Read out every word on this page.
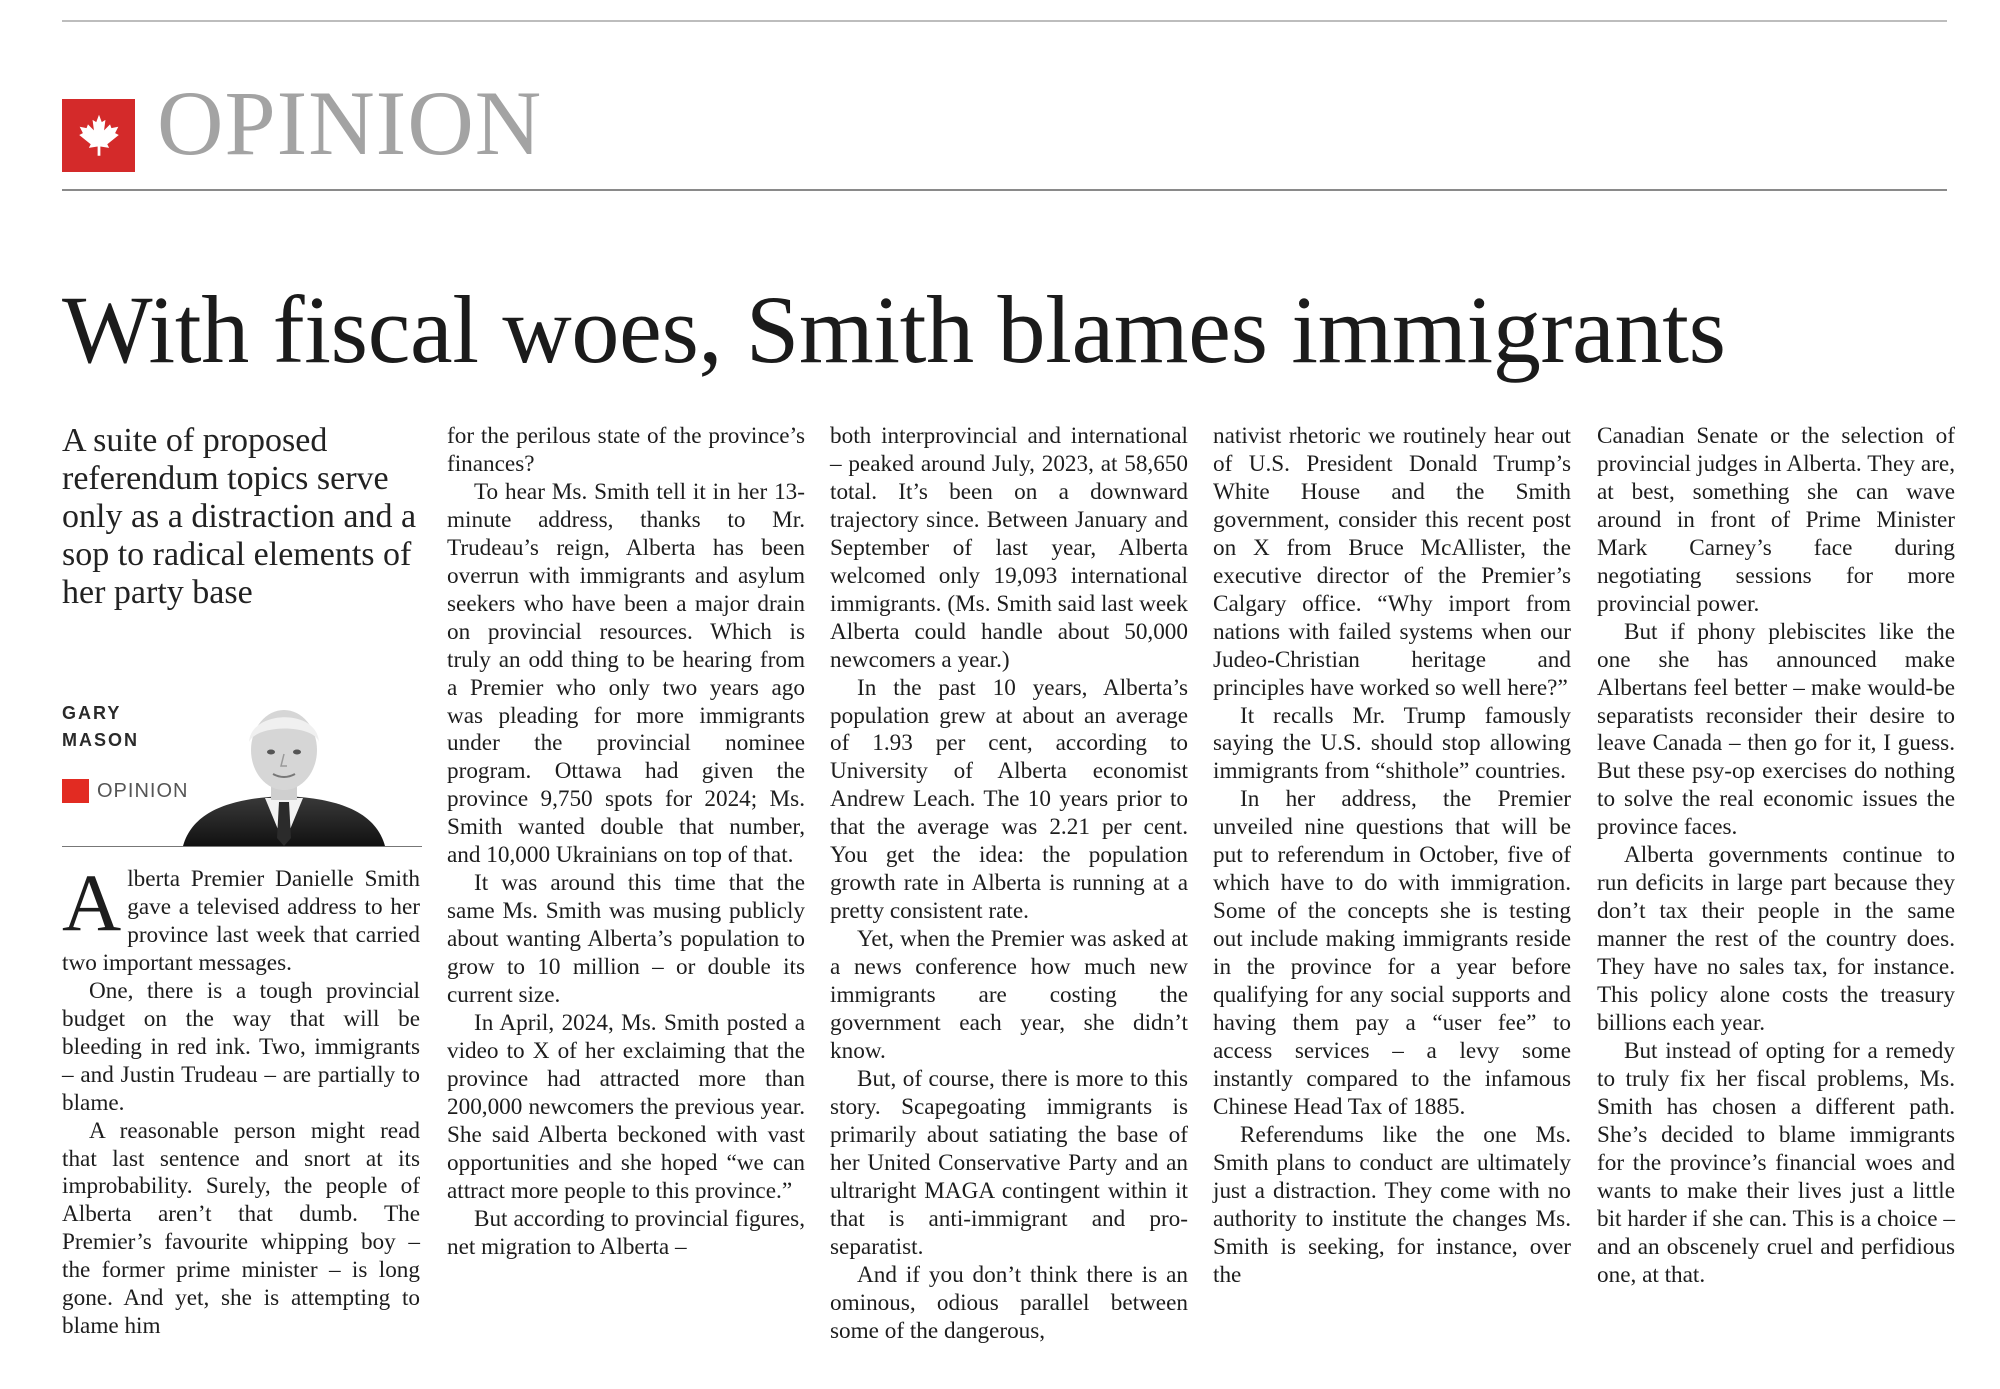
OPINION
With fiscal woes, Smith blames immigrants
A suite of proposed referendum topics serve only as a distraction and a sop to radical elements of her party base
GARY MASON
OPINION

Alberta Premier Danielle Smith gave a televised address to her province last week that carried two important messages.

One, there is a tough provincial budget on the way that will be bleeding in red ink. Two, immigrants – and Justin Trudeau – are partially to blame.

A reasonable person might read that last sentence and snort at its improbability. Surely, the people of Alberta aren’t that dumb. The Premier’s favourite whipping boy – the former prime minister – is long gone. And yet, she is attempting to blame him

for the perilous state of the province’s finances?

To hear Ms. Smith tell it in her 13-minute address, thanks to Mr. Trudeau’s reign, Alberta has been overrun with immigrants and asylum seekers who have been a major drain on provincial resources. Which is truly an odd thing to be hearing from a Premier who only two years ago was pleading for more immigrants under the provincial nominee program. Ottawa had given the province 9,750 spots for 2024; Ms. Smith wanted double that number, and 10,000 Ukrainians on top of that.

It was around this time that the same Ms. Smith was musing publicly about wanting Alberta’s population to grow to 10 million – or double its current size.

In April, 2024, Ms. Smith posted a video to X of her exclaiming that the province had attracted more than 200,000 newcomers the previous year. She said Alberta beckoned with vast opportunities and she hoped “we can attract more people to this province.”

But according to provincial figures, net migration to Alberta –

both interprovincial and international – peaked around July, 2023, at 58,650 total. It’s been on a downward trajectory since. Between January and September of last year, Alberta welcomed only 19,093 international immigrants. (Ms. Smith said last week Alberta could handle about 50,000 newcomers a year.)

In the past 10 years, Alberta’s population grew at about an average of 1.93 per cent, according to University of Alberta economist Andrew Leach. The 10 years prior to that the average was 2.21 per cent. You get the idea: the population growth rate in Alberta is running at a pretty consistent rate.

Yet, when the Premier was asked at a news conference how much new immigrants are costing the government each year, she didn’t know.

But, of course, there is more to this story. Scapegoating immigrants is primarily about satiating the base of her United Conservative Party and an ultraright MAGA contingent within it that is anti-immigrant and pro-separatist.

And if you don’t think there is an ominous, odious parallel between some of the dangerous,

nativist rhetoric we routinely hear out of U.S. President Donald Trump’s White House and the Smith government, consider this recent post on X from Bruce McAllister, the executive director of the Premier’s Calgary office. “Why import from nations with failed systems when our Judeo-Christian heritage and principles have worked so well here?”

It recalls Mr. Trump famously saying the U.S. should stop allowing immigrants from “shithole” countries.

In her address, the Premier unveiled nine questions that will be put to referendum in October, five of which have to do with immigration. Some of the concepts she is testing out include making immigrants reside in the province for a year before qualifying for any social supports and having them pay a “user fee” to access services – a levy some instantly compared to the infamous Chinese Head Tax of 1885.

Referendums like the one Ms. Smith plans to conduct are ultimately just a distraction. They come with no authority to institute the changes Ms. Smith is seeking, for instance, over the

Canadian Senate or the selection of provincial judges in Alberta. They are, at best, something she can wave around in front of Prime Minister Mark Carney’s face during negotiating sessions for more provincial power.

But if phony plebiscites like the one she has announced make Albertans feel better – make would-be separatists reconsider their desire to leave Canada – then go for it, I guess. But these psy-op exercises do nothing to solve the real economic issues the province faces.

Alberta governments continue to run deficits in large part because they don’t tax their people in the same manner the rest of the country does. They have no sales tax, for instance. This policy alone costs the treasury billions each year.

But instead of opting for a remedy to truly fix her fiscal problems, Ms. Smith has chosen a different path. She’s decided to blame immigrants for the province’s financial woes and wants to make their lives just a little bit harder if she can. This is a choice – and an obscenely cruel and perfidious one, at that.
